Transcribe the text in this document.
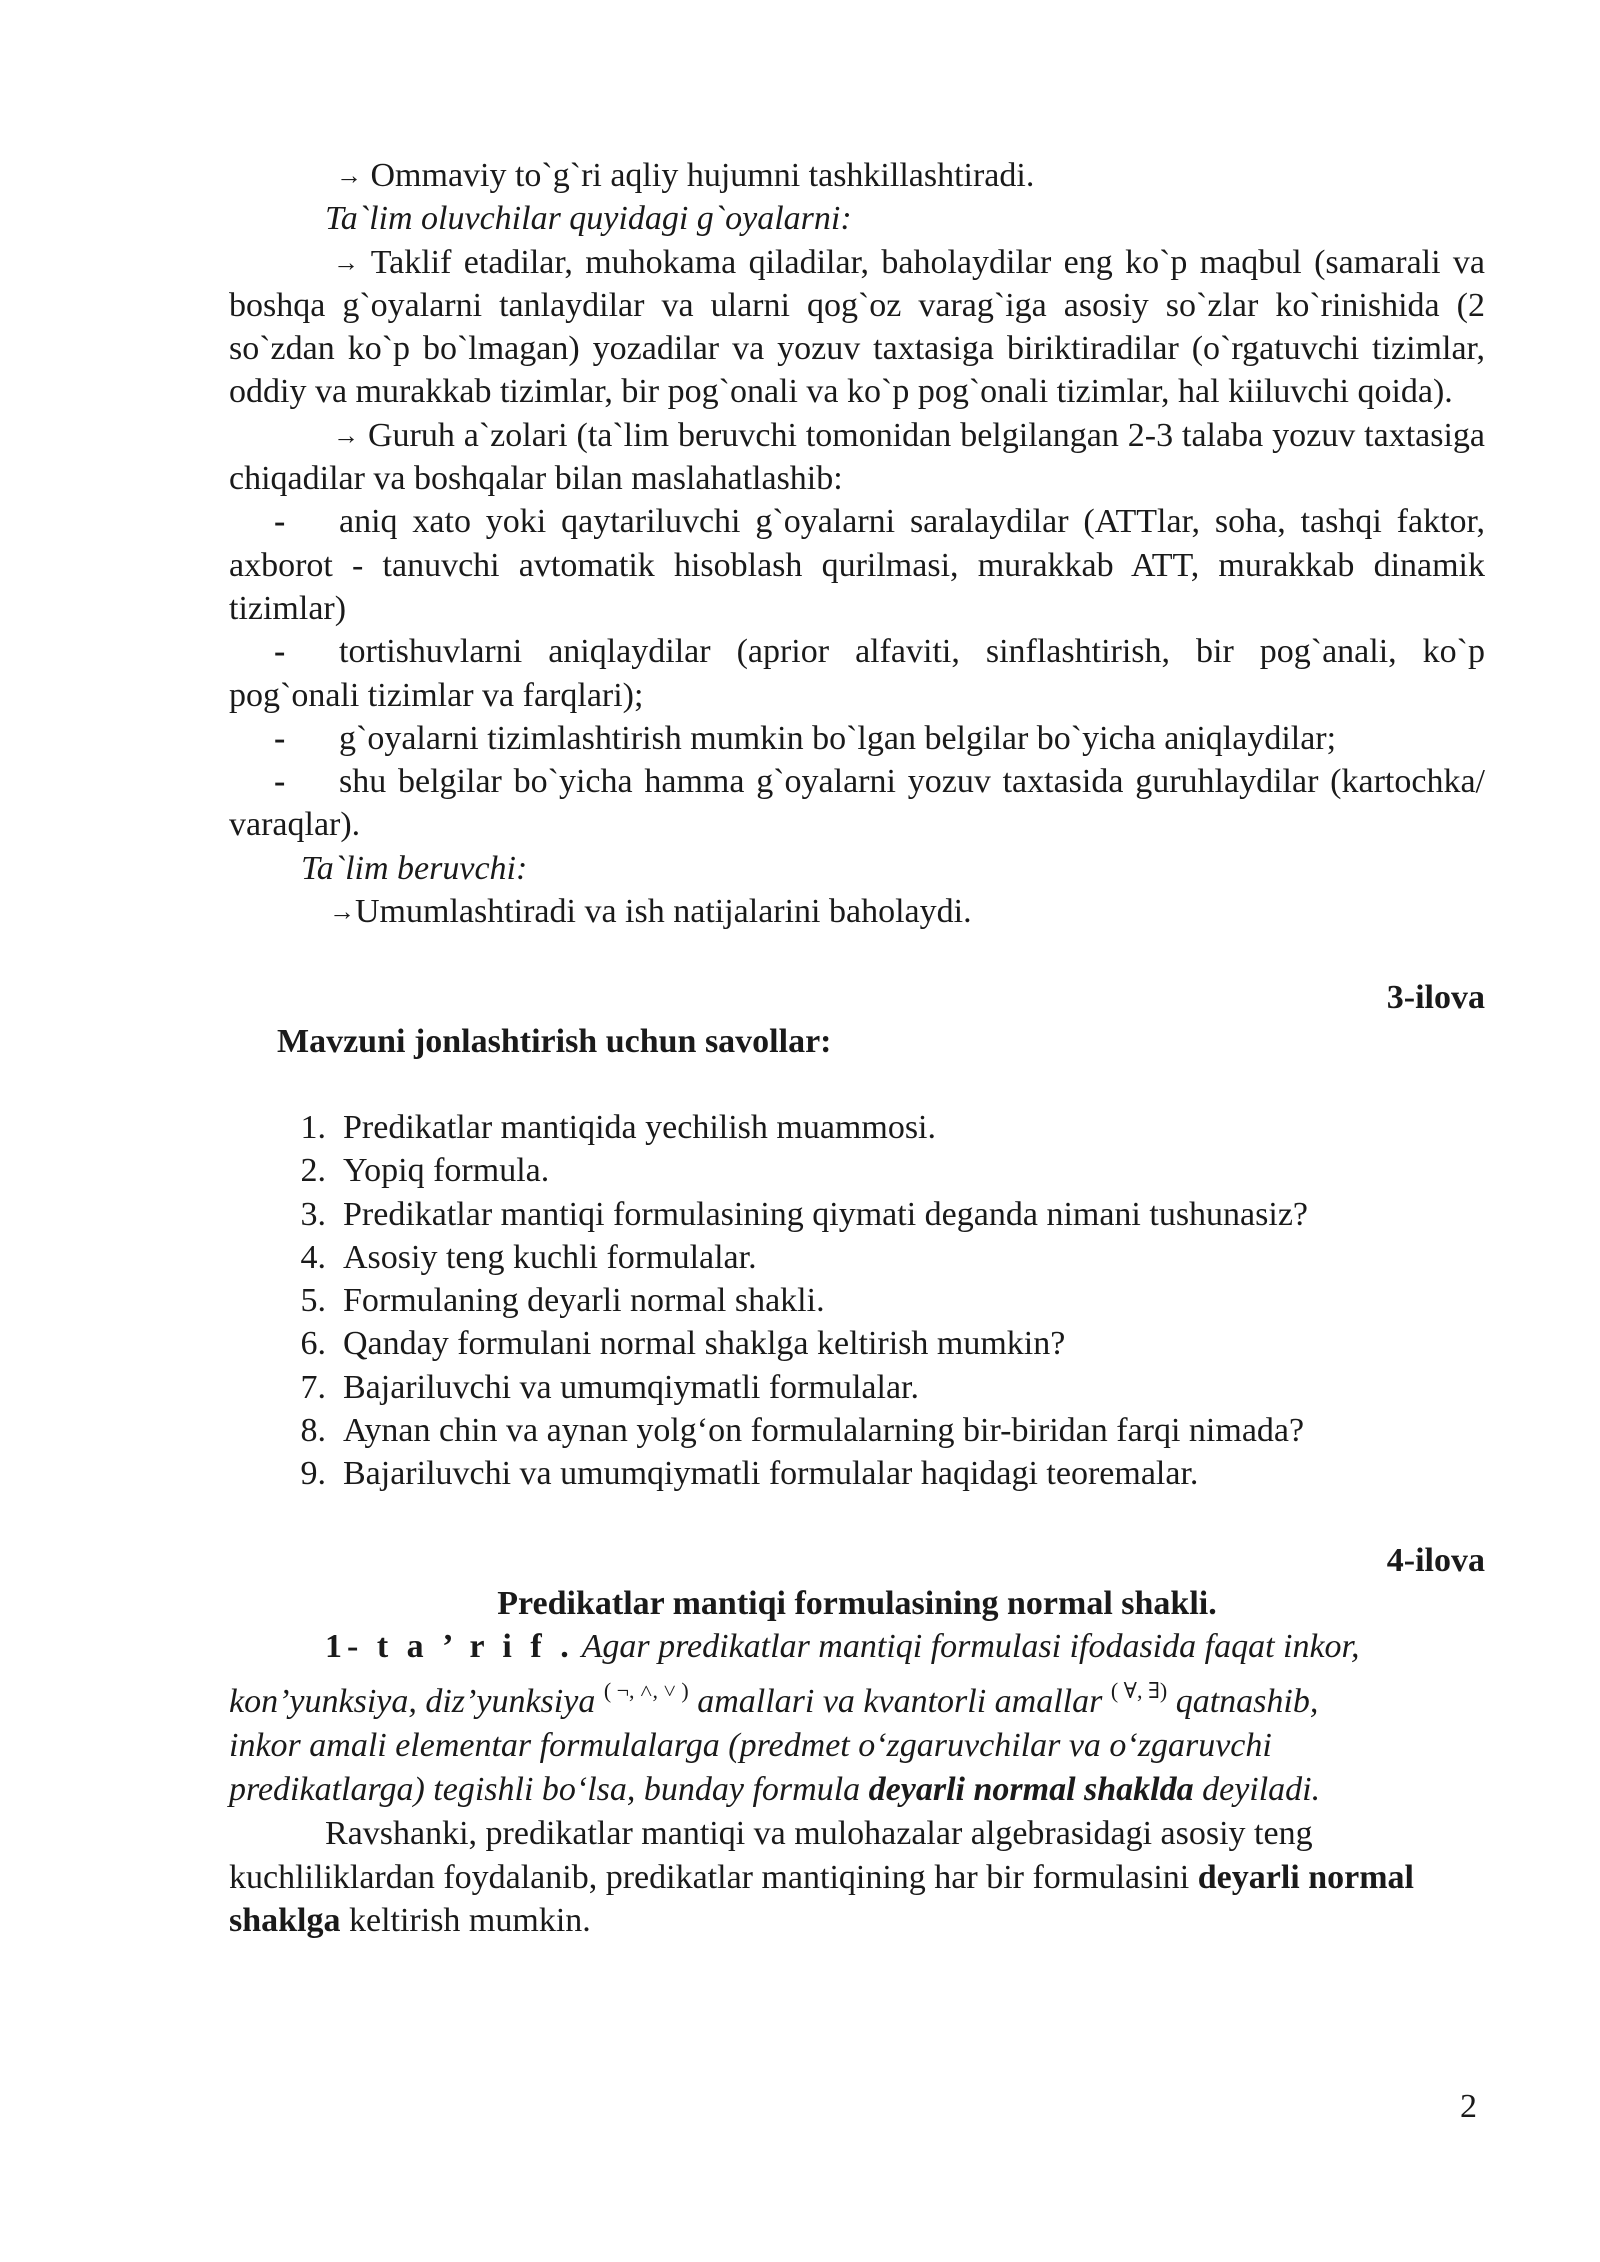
→ Ommaviy to`g`ri aqliy hujumni tashkillashtiradi.

Ta`lim oluvchilar quyidagi g`oyalarni:

→ Taklif etadilar, muhokama qiladilar, baholaydilar eng ko`p maqbul (samarali va boshqa g`oyalarni tanlaydilar va ularni qog`oz varag`iga asosiy so`zlar ko`rinishida (2 so`zdan ko`p bo`lmagan) yozadilar va yozuv taxtasiga biriktiradilar (o`rgatuvchi tizimlar, oddiy va murakkab tizimlar, bir pog`onali va ko`p pog`onali tizimlar, hal kiiluvchi qoida).

→ Guruh a`zolari (ta`lim beruvchi tomonidan belgilangan 2-3 talaba yozuv taxtasiga chiqadilar va boshqalar bilan maslahatlashib:

- aniq xato yoki qaytariluvchi g`oyalarni saralaydilar (ATTlar, soha, tashqi faktor, axborot - tanuvchi avtomatik hisoblash qurilmasi, murakkab ATT, murakkab dinamik tizimlar)

- tortishuvlarni aniqlaydilar (aprior alfaviti, sinflashtirish, bir pog`anali, ko`p pog`onali tizimlar va farqlari);

- g`oyalarni tizimlashtirish mumkin bo`lgan belgilar bo`yicha aniqlaydilar;

- shu belgilar bo`yicha hamma g`oyalarni yozuv taxtasida guruhlaydilar (kartochka/ varaqlar).

Ta`lim beruvchi:

→Umumlashtiradi va ish natijalarini baholaydi.

3-ilova

Mavzuni jonlashtirish uchun savollar:

1. Predikatlar mantiqida yechilish muammosi.
2. Yopiq formula.
3. Predikatlar mantiqi formulasining qiymati deganda nimani tushunasiz?
4. Asosiy teng kuchli formulalar.
5. Formulaning deyarli normal shakli.
6. Qanday formulani normal shaklga keltirish mumkin?
7. Bajariluvchi va umumqiymatli formulalar.
8. Aynan chin va aynan yolg‘on formulalarning bir-biridan farqi nimada?
9. Bajariluvchi va umumqiymatli formulalar haqidagi teoremalar.

4-ilova

Predikatlar mantiqi formulasining normal shakli.

1- t a ’ r i f . Agar predikatlar mantiqi formulasi ifodasida faqat inkor, kon’yunksiya, diz’yunksiya ( ¬, ˄, ˅ ) amallari va kvantorli amallar ( ∀, ∃) qatnashib, inkor amali elementar formulalarga (predmet o‘zgaruvchilar va o‘zgaruvchi predikatlarga) tegishli bo‘lsa, bunday formula deyarli normal shaklda deyiladi.

Ravshanki, predikatlar mantiqi va mulohazalar algebrasidagi asosiy teng kuchliliklardan foydalanib, predikatlar mantiqining har bir formulasini deyarli normal shaklga keltirish mumkin.

2
